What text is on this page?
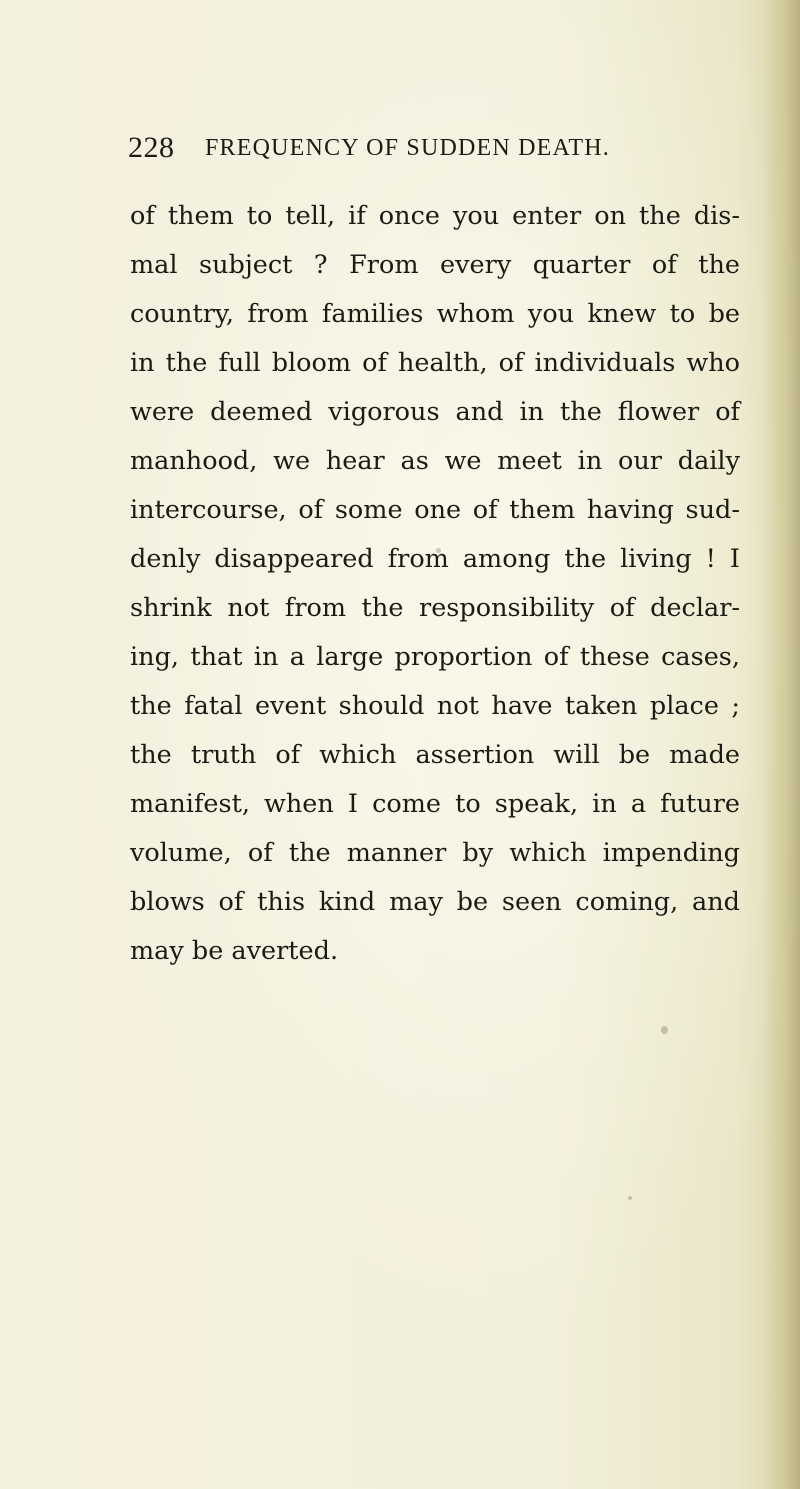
228 FREQUENCY OF SUDDEN DEATH.
of them to tell, if once you enter on the dis-
mal subject ? From every quarter of the
country, from families whom you knew to be
in the full bloom of health, of individuals who
were deemed vigorous and in the flower of
manhood, we hear as we meet in our daily
intercourse, of some one of them having sud-
denly disappeared from among the living ! I
shrink not from the responsibility of declar-
ing, that in a large proportion of these cases,
the fatal event should not have taken place ;
the truth of which assertion will be made
manifest, when I come to speak, in a future
volume, of the manner by which impending
blows of this kind may be seen coming, and
may be averted.
